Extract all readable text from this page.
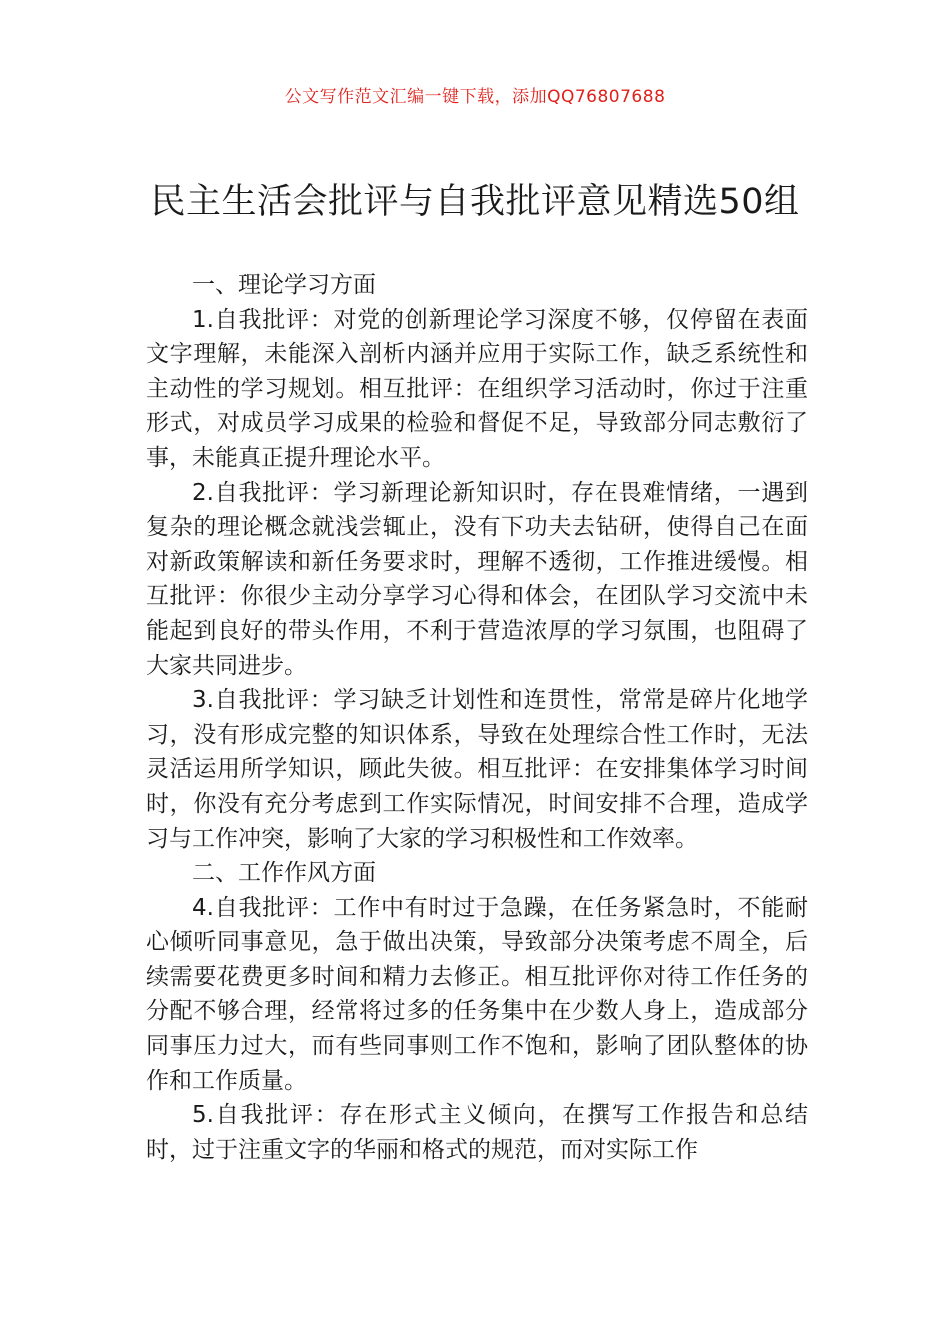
公文写作范文汇编一键下载，添加QQ76807688
民主生活会批评与自我批评意见精选50组

一、理论学习方面

1.自我批评：对党的创新理论学习深度不够，仅停留在表面文字理解，未能深入剖析内涵并应用于实际工作，缺乏系统性和主动性的学习规划。相互批评：在组织学习活动时，你过于注重形式，对成员学习成果的检验和督促不足，导致部分同志敷衍了事，未能真正提升理论水平。

2.自我批评：学习新理论新知识时，存在畏难情绪，一遇到复杂的理论概念就浅尝辄止，没有下功夫去钻研，使得自己在面对新政策解读和新任务要求时，理解不透彻，工作推进缓慢。相互批评：你很少主动分享学习心得和体会，在团队学习交流中未能起到良好的带头作用，不利于营造浓厚的学习氛围，也阻碍了大家共同进步。

3.自我批评：学习缺乏计划性和连贯性，常常是碎片化地学习，没有形成完整的知识体系，导致在处理综合性工作时，无法灵活运用所学知识，顾此失彼。相互批评：在安排集体学习时间时，你没有充分考虑到工作实际情况，时间安排不合理，造成学习与工作冲突，影响了大家的学习积极性和工作效率。

二、工作作风方面

4.自我批评：工作中有时过于急躁，在任务紧急时，不能耐心倾听同事意见，急于做出决策，导致部分决策考虑不周全，后续需要花费更多时间和精力去修正。相互批评你对待工作任务的分配不够合理，经常将过多的任务集中在少数人身上，造成部分同事压力过大，而有些同事则工作不饱和，影响了团队整体的协作和工作质量。

5.自我批评：存在形式主义倾向，在撰写工作报告和总结时，过于注重文字的华丽和格式的规范，而对实际工作
